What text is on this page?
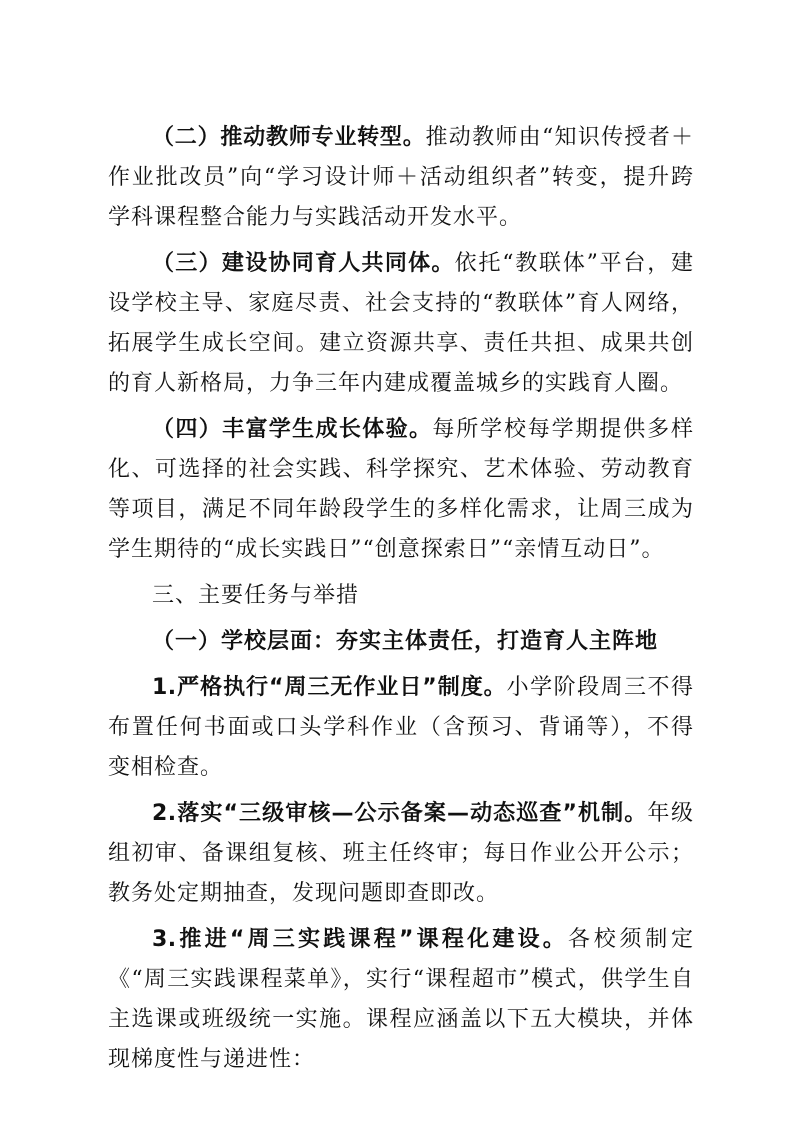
（二）推动教师专业转型。推动教师由“知识传授者＋作业批改员”向“学习设计师＋活动组织者”转变，提升跨学科课程整合能力与实践活动开发水平。

（三）建设协同育人共同体。依托“教联体”平台，建设学校主导、家庭尽责、社会支持的“教联体”育人网络，拓展学生成长空间。建立资源共享、责任共担、成果共创的育人新格局，力争三年内建成覆盖城乡的实践育人圈。

（四）丰富学生成长体验。每所学校每学期提供多样化、可选择的社会实践、科学探究、艺术体验、劳动教育等项目，满足不同年龄段学生的多样化需求，让周三成为学生期待的“成长实践日”“创意探索日”“亲情互动日”。

三、主要任务与举措

（一）学校层面：夯实主体责任，打造育人主阵地

1.严格执行“周三无作业日”制度。小学阶段周三不得布置任何书面或口头学科作业（含预习、背诵等），不得变相检查。

2.落实“三级审核—公示备案—动态巡查”机制。年级组初审、备课组复核、班主任终审；每日作业公开公示；教务处定期抽查，发现问题即查即改。

3.推进“周三实践课程”课程化建设。各校须制定《“周三实践课程菜单》，实行“课程超市”模式，供学生自主选课或班级统一实施。课程应涵盖以下五大模块，并体现梯度性与递进性：
